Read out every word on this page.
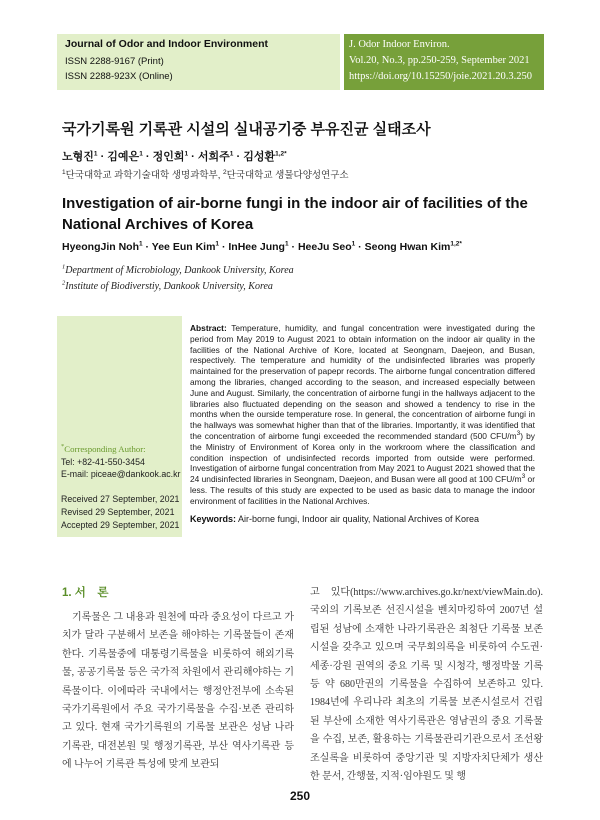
Journal of Odor and Indoor Environment
ISSN 2288-9167 (Print)
ISSN 2288-923X (Online)
J. Odor Indoor Environ.
Vol.20, No.3, pp.250-259, September 2021
https://doi.org/10.15250/joie.2021.20.3.250
국가기록원 기록관 시설의 실내공기중 부유진균 실태조사
노형진$^1$ · 김예은$^1$ · 정인희$^1$ · 서희주$^1$ · 김성환$^{1,2*}$
$^1$단국대학교 과학기술대학 생명과학부, $^2$단국대학교 생물다양성연구소
Investigation of air-borne fungi in the indoor air of facilities of the National Archives of Korea
HyeongJin Noh$^1$ · Yee Eun Kim$^1$ · InHee Jung$^1$ · HeeJu Seo$^1$ · Seong Hwan Kim$^{1,2*}$
$^1$Department of Microbiology, Dankook University, Korea
$^2$Institute of Biodiverstiy, Dankook University, Korea
*Corresponding Author:
Tel: +82-41-550-3454
E-mail: piceae@dankook.ac.kr
Received 27 September, 2021
Revised 29 September, 2021
Accepted 29 September, 2021
Abstract: Temperature, humidity, and fungal concentration were investigated during the period from May 2019 to August 2021 to obtain information on the indoor air quality in the facilities of the National Archive of Kore, located at Seongnam, Daejeon, and Busan, respectively. The temperature and humidity of the undisinfected libraries was properly maintained for the preservation of papepr records. The airborne fungal concentration differed among the libraries, changed according to the season, and increased especially between June and August. Similarly, the concentration of airborne fungi in the hallways adjacent to the libraries also fluctuated depending on the season and showed a tendency to rise in the months when the ourside temperature rose. In general, the concentration of airborne fungi in the hallways was somewhat higher than that of the libraries. Importantly, it was identified that the concentration of airborne fungi exceeded the recommended standard (500 CFU/$m^3$) by the Ministry of Environment of Korea only in the workroom where the classification and condition inspection of undisinfected records imported from outside were performed. Investigation of airborne fungal concentration from May 2021 to August 2021 showed that the 24 undisinfected libraries in Seongnam, Daejeon, and Busan were all good at 100 CFU/$m^3$ or less. The results of this study are expected to be used as basic data to manage the indoor environment of facilities in the National Archives.
Keywords: Air-borne fungi, Indoor air quality, National Archives of Korea
1. 서　론
기록물은 그 내용과 원천에 따라 중요성이 다르고 가치가 달라 구분해서 보존을 해야하는 기록물들이 존재한다. 기록물중에 대통령기록물을 비롯하여 해외기록물, 공공기록물 등은 국가적 차원에서 관리해야하는 기록물이다. 이에따라 국내에서는 행정안전부에 소속된 국가기록원에서 주요 국가기록물을 수집·보존 관리하고 있다. 현재 국가기록원의 기록물 보관은 성남 나라기록관, 대전본원 및 행정기록관, 부산 역사기록관 등에 나누어 기록관 특성에 맞게 보관되
고 있다(https://www.archives.go.kr/next/viewMain.do). 국외의 기록보존 선진시설을 벤치마킹하여 2007년 설립된 성남에 소재한 나라기록관은 최첨단 기록물 보존 시설을 갖추고 있으며 국무회의록을 비롯하여 수도권·세종·강원 권역의 중요 기록 및 시청각, 행정박물 기록 등 약 680만권의 기록물을 수집하여 보존하고 있다. 1984년에 우리나라 최초의 기록물 보존시설로서 건립된 부산에 소재한 역사기록관은 영남권의 중요 기록물을 수집, 보존, 활용하는 기록물관리기관으로서 조선왕조실록을 비롯하여 중앙기관 및 지방자치단체가 생산한 문서, 간행물, 지적·임야원도 및 행
250
